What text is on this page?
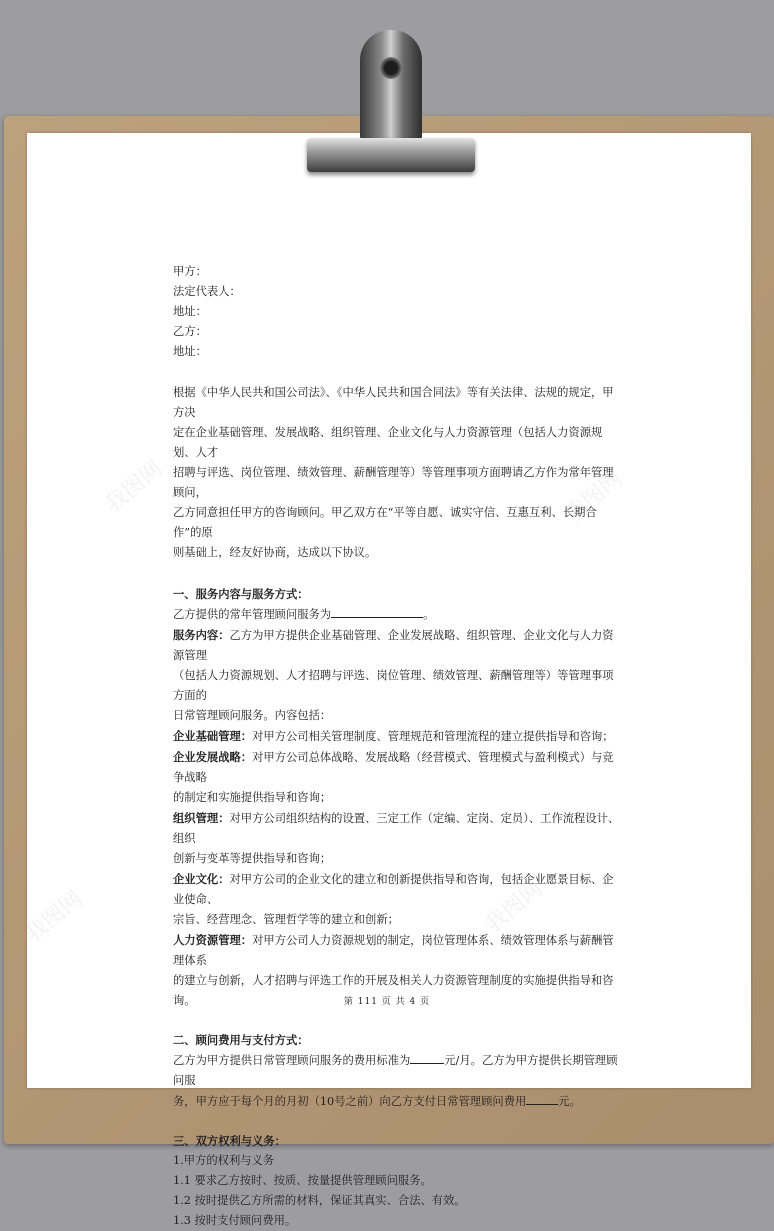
我图网	我图网
我图网	我图网

甲方：

法定代表人：

地址：

乙方：

地址：

根据《中华人民共和国公司法》、《中华人民共和国合同法》等有关法律、法规的规定，甲方决

定在企业基础管理、发展战略、组织管理、企业文化与人力资源管理（包括人力资源规划、人才

招聘与评选、岗位管理、绩效管理、薪酬管理等）等管理事项方面聘请乙方作为常年管理顾问，

乙方同意担任甲方的咨询顾问。甲乙双方在“平等自愿、诚实守信、互惠互利、长期合作”的原

则基础上，经友好协商，达成以下协议。

一、服务内容与服务方式：

乙方提供的常年管理顾问服务为	。

服务内容：乙方为甲方提供企业基础管理、企业发展战略、组织管理、企业文化与人力资源管理

（包括人力资源规划、人才招聘与评选、岗位管理、绩效管理、薪酬管理等）等管理事项方面的

日常管理顾问服务。内容包括：

企业基础管理：对甲方公司相关管理制度、管理规范和管理流程的建立提供指导和咨询；

企业发展战略：对甲方公司总体战略、发展战略（经营模式、管理模式与盈利模式）与竞争战略

的制定和实施提供指导和咨询；

组织管理：对甲方公司组织结构的设置、三定工作（定编、定岗、定员）、工作流程设计、组织

创新与变革等提供指导和咨询；

企业文化：对甲方公司的企业文化的建立和创新提供指导和咨询，包括企业愿景目标、企业使命、

宗旨、经营理念、管理哲学等的建立和创新；

人力资源管理：对甲方公司人力资源规划的制定，岗位管理体系、绩效管理体系与薪酬管理体系

的建立与创新，人才招聘与评选工作的开展及相关人力资源管理制度的实施提供指导和咨询。

二、顾问费用与支付方式：

乙方为甲方提供日常管理顾问服务的费用标准为	元/月。乙方为甲方提供长期管理顾问服

务，甲方应于每个月的月初（10号之前）向乙方支付日常管理顾问费用	元。

三、双方权利与义务：

1.甲方的权利与义务

1.1 要求乙方按时、按质、按量提供管理顾问服务。

1.2 按时提供乙方所需的材料，保证其真实、合法、有效。

1.3 按时支付顾问费用。

第 111 页 共 4 页
